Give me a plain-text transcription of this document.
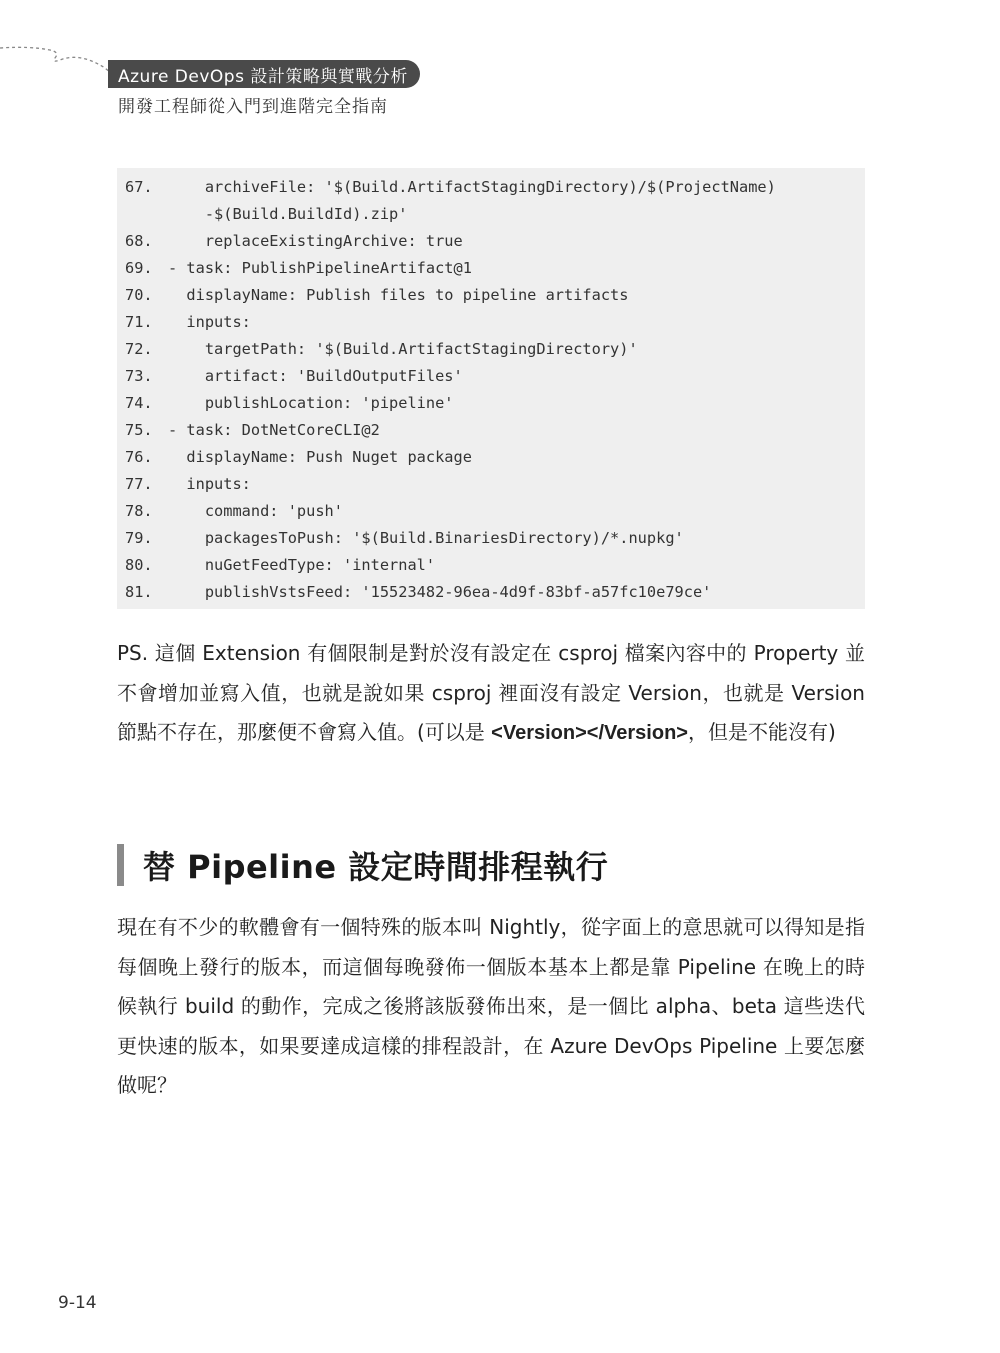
Azure DevOps 設計策略與實戰分析
開發工程師從入門到進階完全指南
67.    archiveFile: '$(Build.ArtifactStagingDirectory)/$(ProjectName)
-$(Build.BuildId).zip'
68.    replaceExistingArchive: true
69. - task: PublishPipelineArtifact@1
70.  displayName: Publish files to pipeline artifacts
71.  inputs:
72.    targetPath: '$(Build.ArtifactStagingDirectory)'
73.    artifact: 'BuildOutputFiles'
74.    publishLocation: 'pipeline'
75. - task: DotNetCoreCLI@2
76.  displayName: Push Nuget package
77.  inputs:
78.    command: 'push'
79.    packagesToPush: '$(Build.BinariesDirectory)/*.nupkg'
80.    nuGetFeedType: 'internal'
81.    publishVstsFeed: '15523482-96ea-4d9f-83bf-a57fc10e79ce'
PS. 這個 Extension 有個限制是對於沒有設定在 csproj 檔案內容中的 Property 並不會增加並寫入值，也就是說如果 csproj 裡面沒有設定 Version，也就是 Version 節點不存在，那麼便不會寫入值。(可以是 <Version></Version>，但是不能沒有)
替 Pipeline 設定時間排程執行
現在有不少的軟體會有一個特殊的版本叫 Nightly，從字面上的意思就可以得知是指每個晚上發行的版本，而這個每晚發佈一個版本基本上都是靠 Pipeline 在晚上的時候執行 build 的動作，完成之後將該版發佈出來，是一個比 alpha、beta 這些迭代更快速的版本，如果要達成這樣的排程設計，在 Azure DevOps Pipeline 上要怎麼做呢？
9-14
